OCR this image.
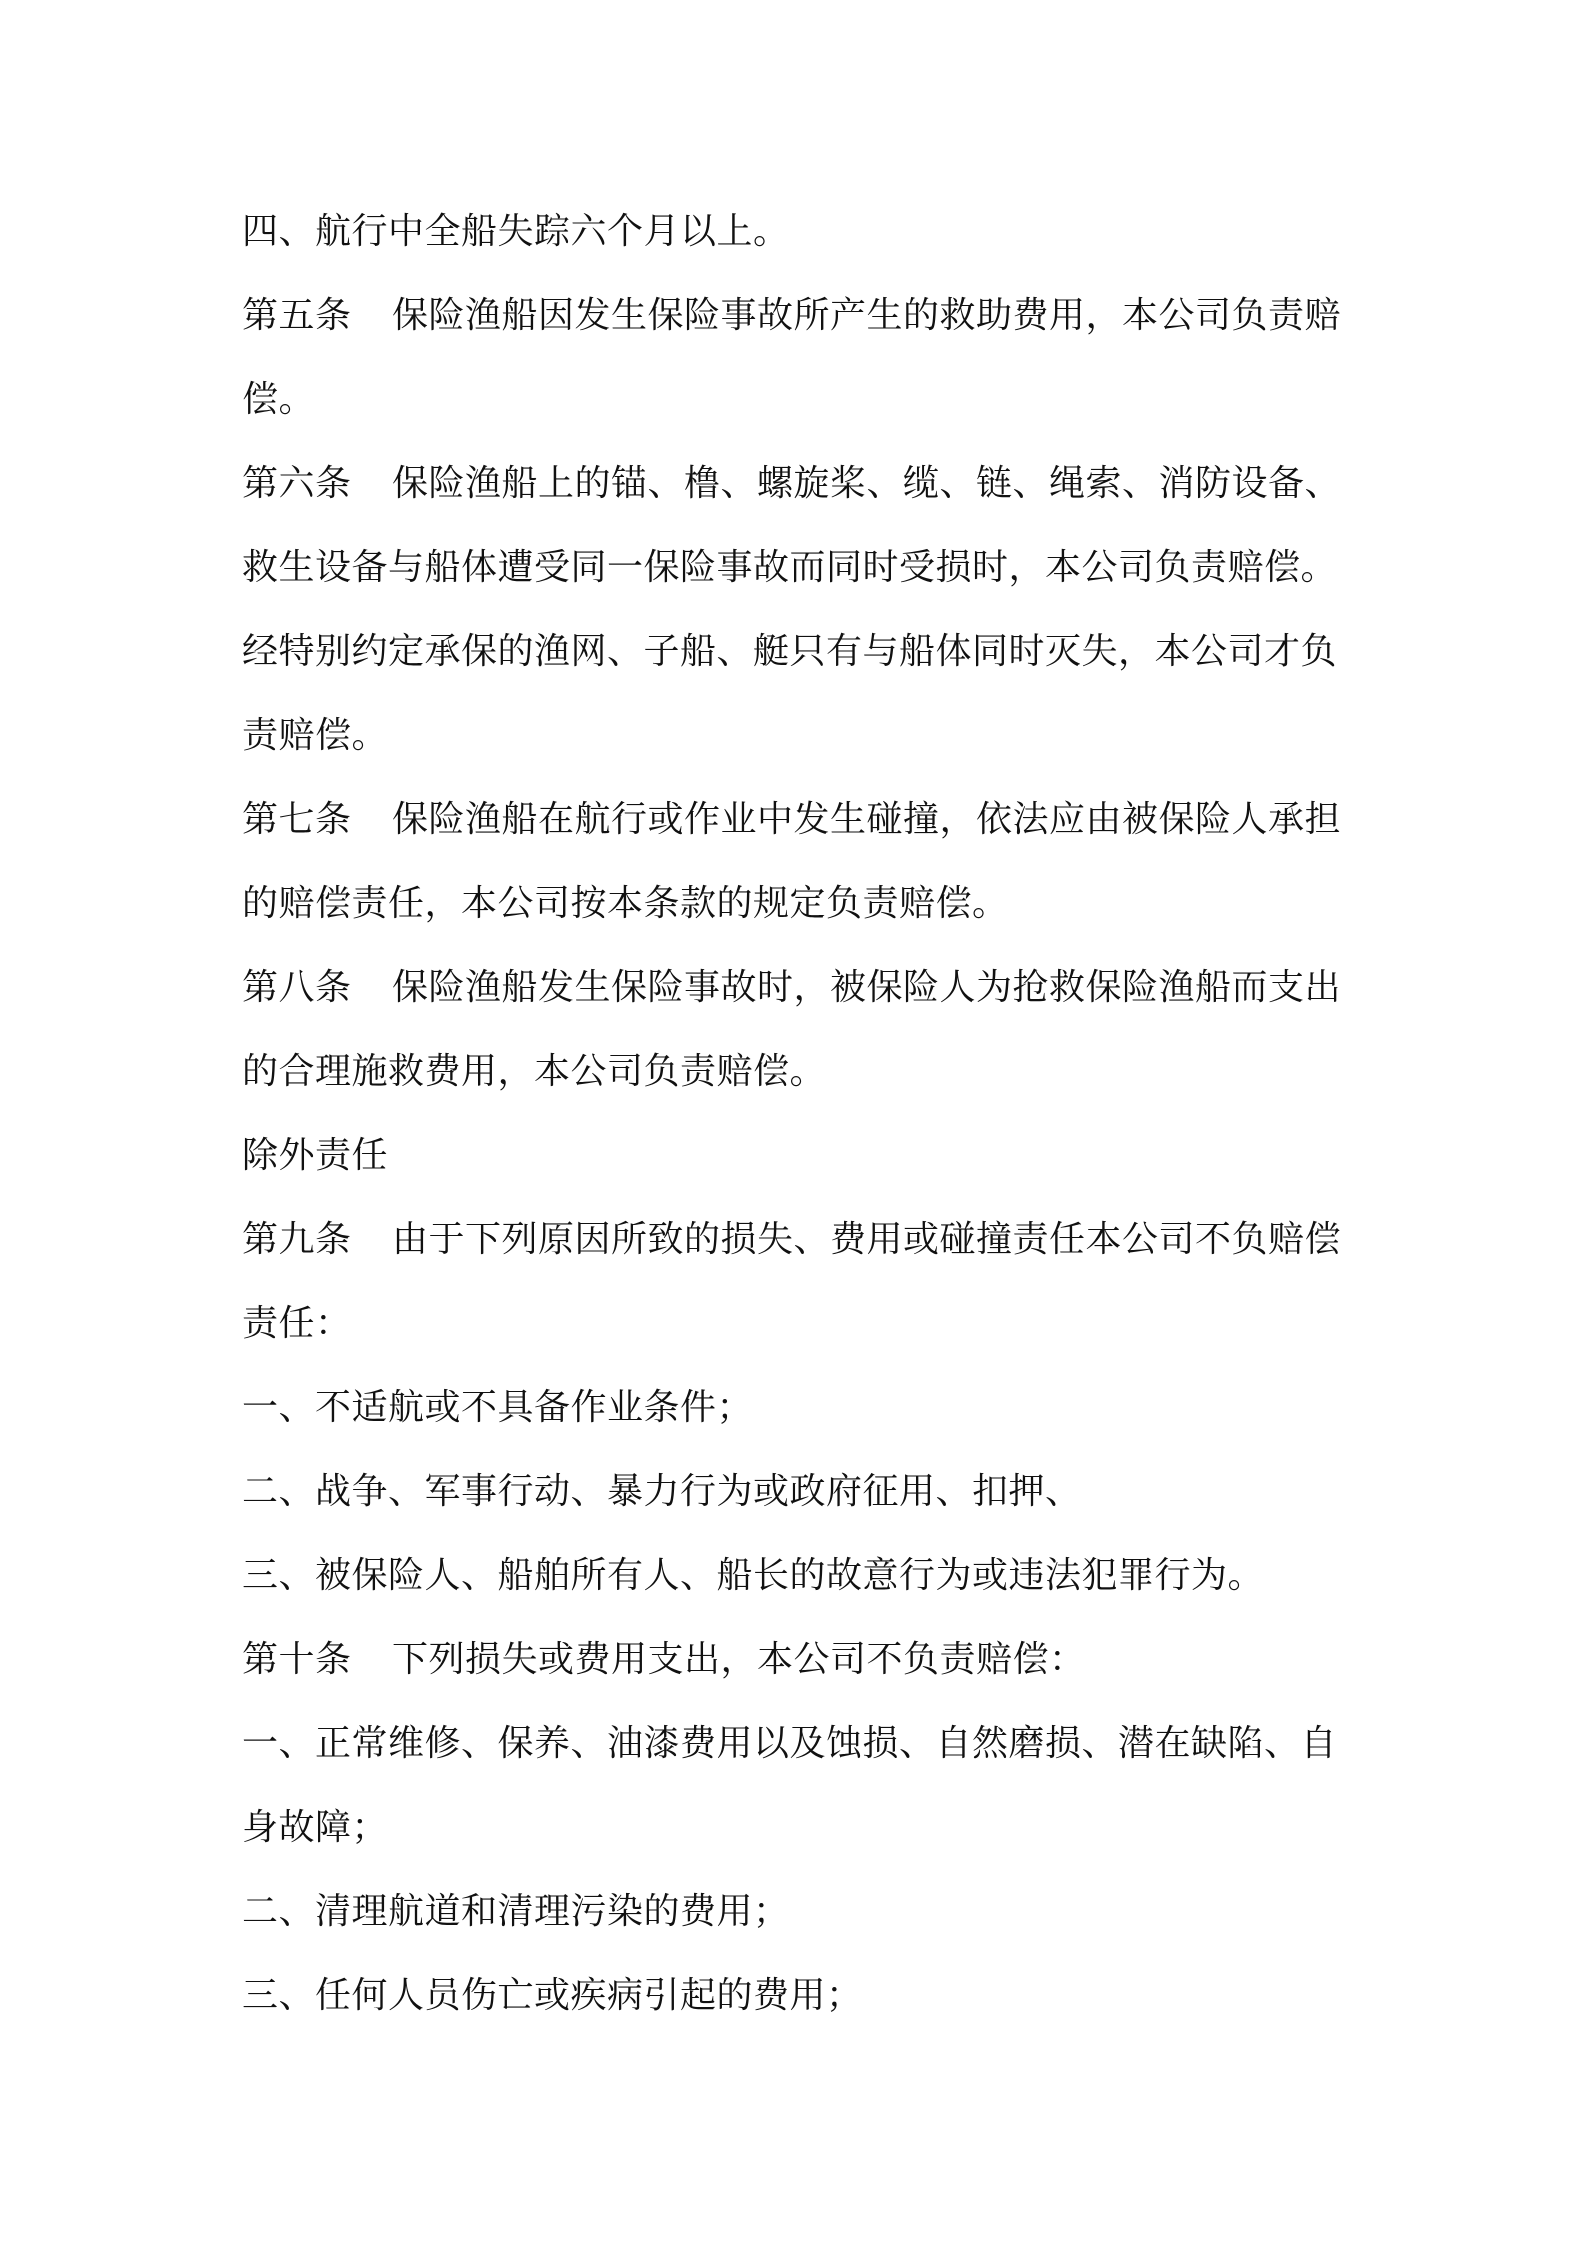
四、航行中全船失踪六个月以上。

第五条 保险渔船因发生保险事故所产生的救助费用，本公司负责赔

偿。

第六条 保险渔船上的锚、橹、螺旋桨、缆、链、绳索、消防设备、

救生设备与船体遭受同一保险事故而同时受损时，本公司负责赔偿。

经特别约定承保的渔网、子船、艇只有与船体同时灭失，本公司才负

责赔偿。

第七条 保险渔船在航行或作业中发生碰撞，依法应由被保险人承担

的赔偿责任，本公司按本条款的规定负责赔偿。

第八条 保险渔船发生保险事故时，被保险人为抢救保险渔船而支出

的合理施救费用，本公司负责赔偿。

除外责任

第九条 由于下列原因所致的损失、费用或碰撞责任本公司不负赔偿

责任：

一、不适航或不具备作业条件；

二、战争、军事行动、暴力行为或政府征用、扣押、

三、被保险人、船舶所有人、船长的故意行为或违法犯罪行为。

第十条 下列损失或费用支出，本公司不负责赔偿：

一、正常维修、保养、油漆费用以及蚀损、自然磨损、潜在缺陷、自

身故障；

二、清理航道和清理污染的费用；

三、任何人员伤亡或疾病引起的费用；
